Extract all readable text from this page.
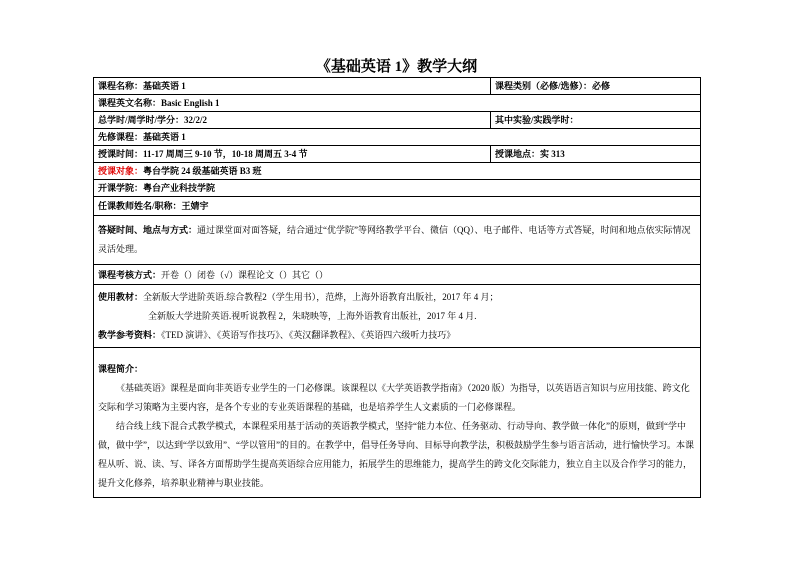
《基础英语 1》教学大纲
课程名称：基础英语 1	课程类别（必修/选修）：必修
课程英文名称：Basic English 1	
总学时/周学时/学分：32/2/2	其中实验/实践学时：
先修课程：基础英语 1	
授课时间：11-17 周周三 9-10 节，10-18 周周五 3-4 节	授课地点：实 313
授课对象：粤台学院 24 级基础英语 B3 班	
开课学院：粤台产业科技学院	
任课教师姓名/职称：王婧宇	

答疑时间、地点与方式：通过课堂面对面答疑，结合通过“优学院”等网络教学平台、微信（QQ）、电子邮件、电话等方式答疑，时间和地点依实际情况灵活处理。	

课程考核方式：开卷（）闭卷（√）课程论文（）其它（）	

使用教材：全新版大学进阶英语.综合教程2（学生用书），范烨，上海外语教育出版社，2017 年 4 月；
全新版大学进阶英语.视听说教程 2，朱晓映等，上海外语教育出版社，2017 年 4 月.
教学参考资料：《TED 演讲》、《英语写作技巧》、《英汉翻译教程》、《英语四六级听力技巧》	

课程简介：
《基础英语》课程是面向非英语专业学生的一门必修课。该课程以《大学英语教学指南》（2020 版）为指导，以英语语言知识与应用技能、跨文化交际和学习策略为主要内容，是各个专业的专业英语课程的基础，也是培养学生人文素质的一门必修课程。
结合线上线下混合式教学模式，本课程采用基于活动的英语教学模式，坚持“能力本位、任务驱动、行动导向、教学做一体化”的原则，做到“学中做，做中学”，以达到“学以致用”、“学以管用”的目的。在教学中，倡导任务导向、目标导向教学法，积极鼓励学生参与语言活动，进行愉快学习。本课程从听、说、读、写、译各方面帮助学生提高英语综合应用能力，拓展学生的思维能力，提高学生的跨文化交际能力，独立自主以及合作学习的能力，提升文化修养，培养职业精神与职业技能。	
